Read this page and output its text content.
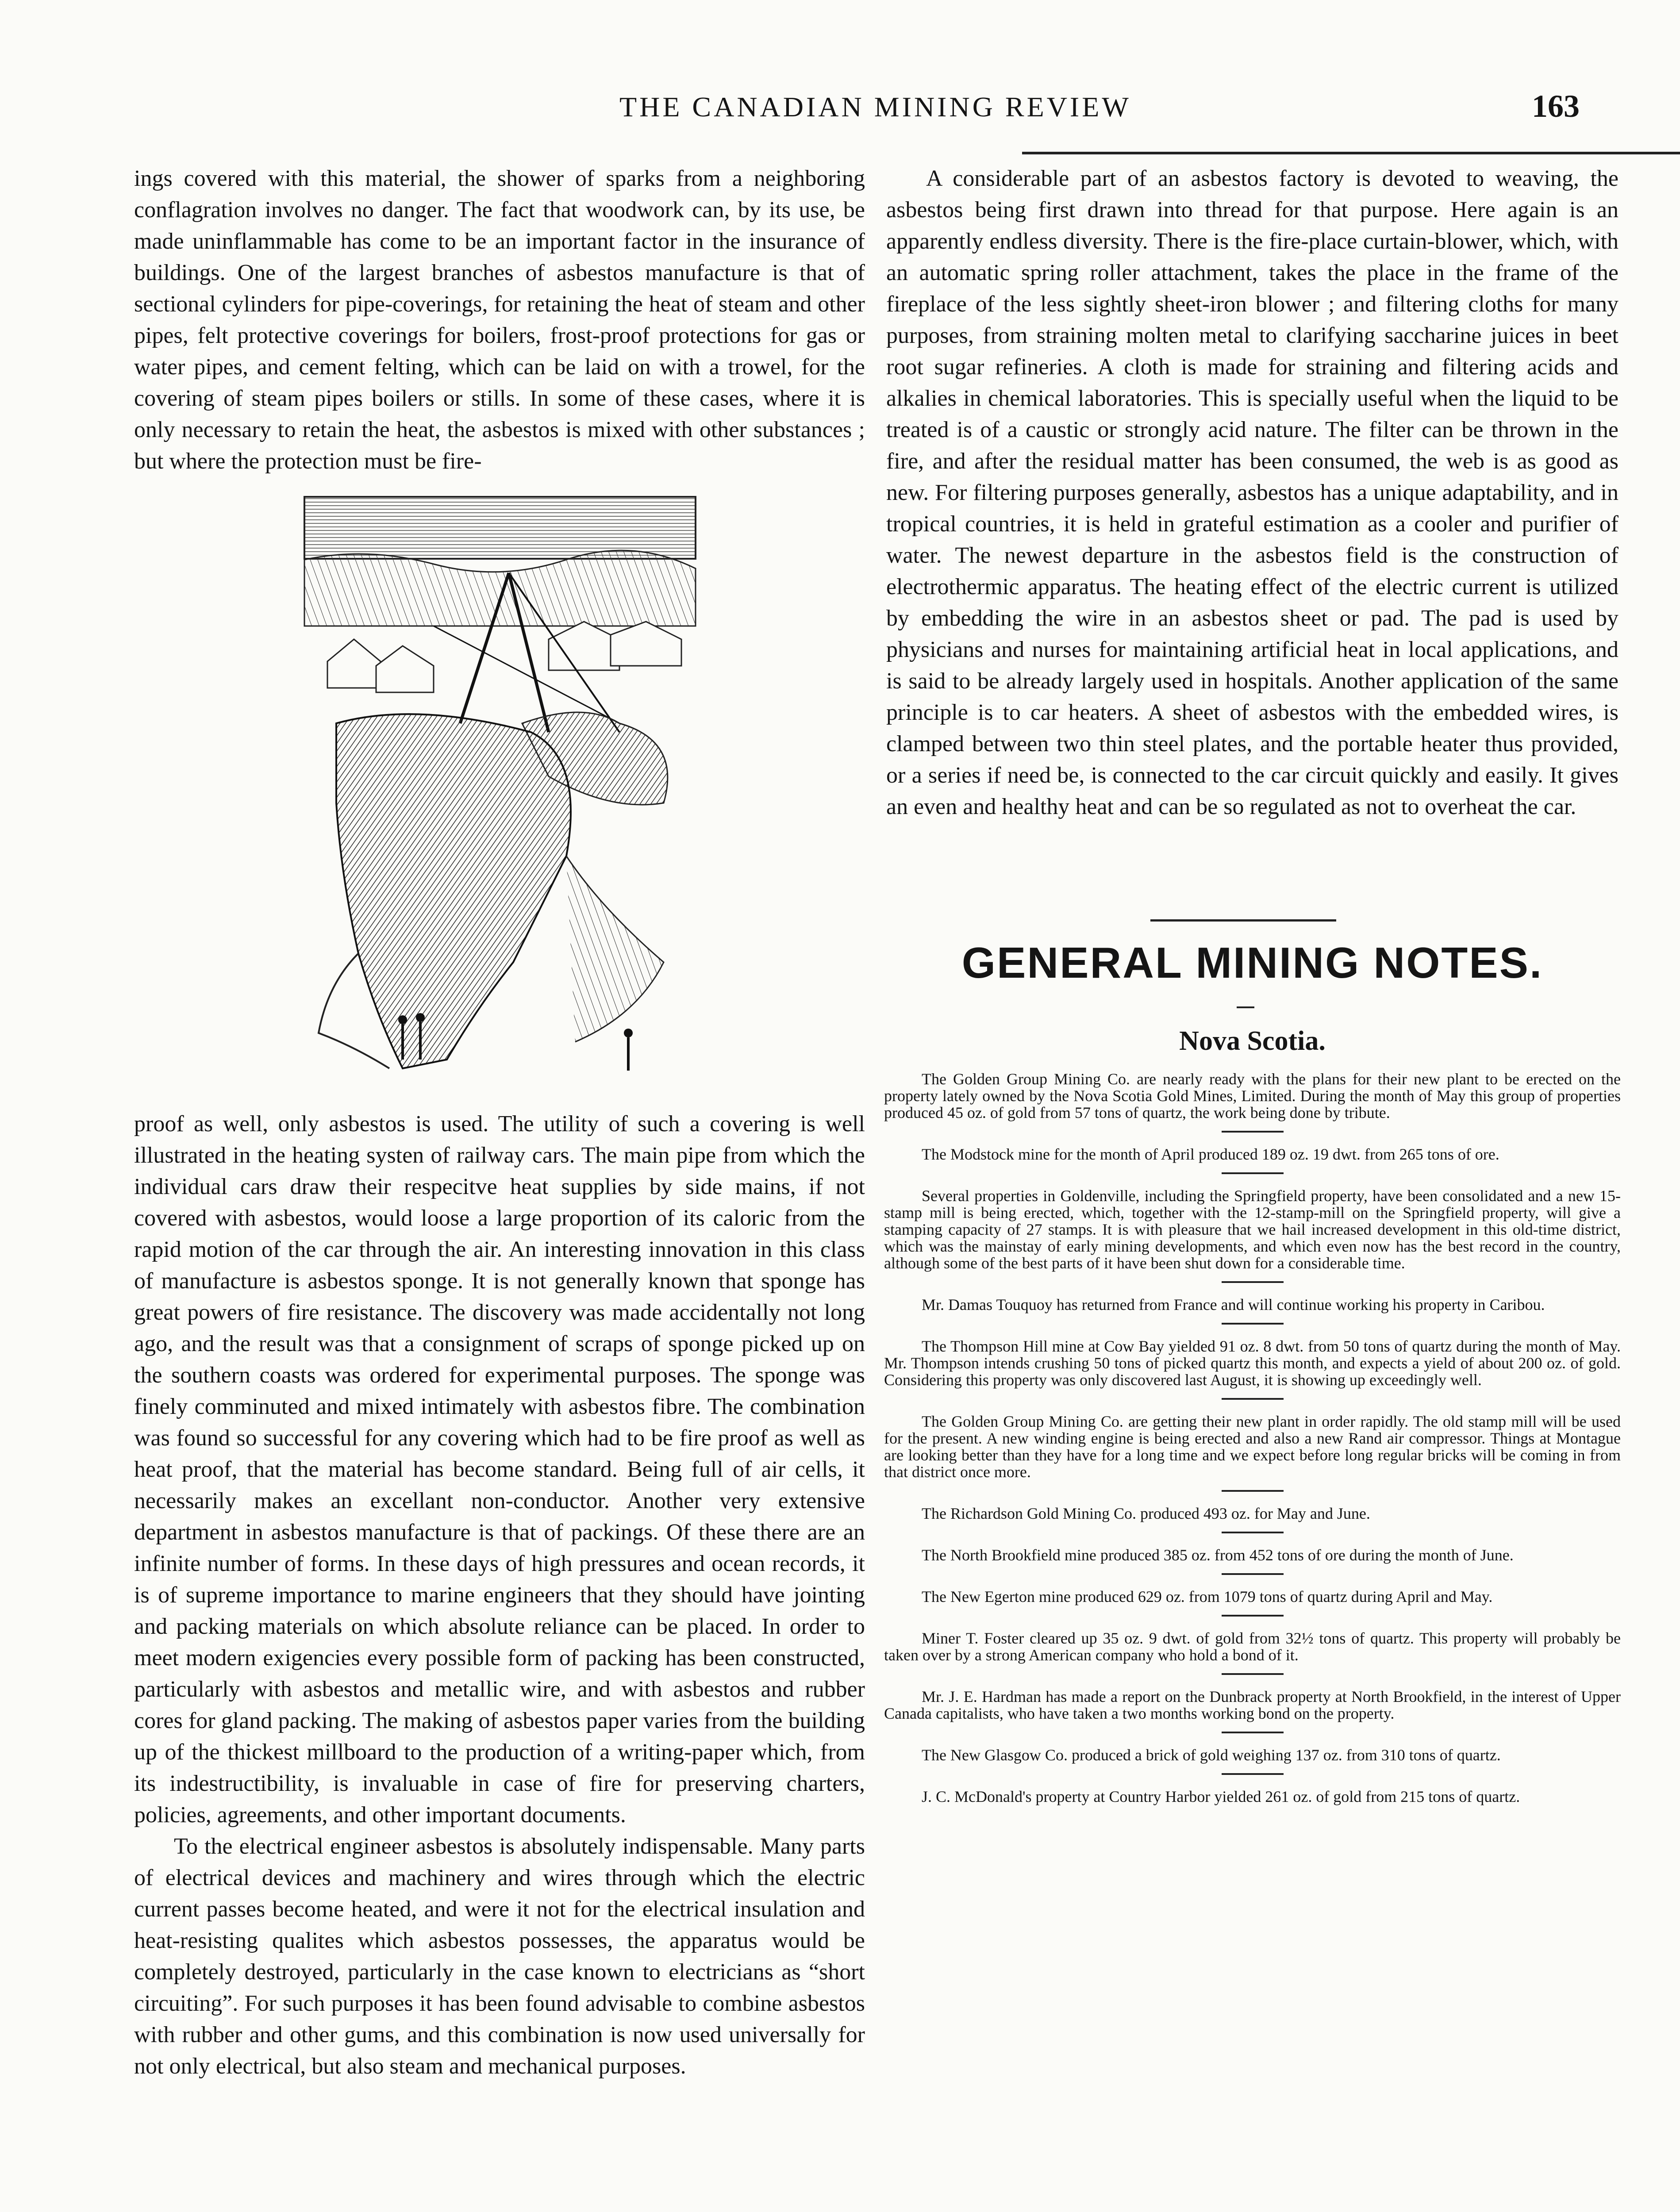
THE CANADIAN MINING REVIEW	163

ings covered with this material, the shower of sparks from a neighboring conflagration involves no danger. The fact that woodwork can, by its use, be made uninflammable has come to be an important factor in the insurance of buildings. One of the largest branches of asbestos manufacture is that of sectional cylinders for pipe-coverings, for retaining the heat of steam and other pipes, felt protective coverings for boilers, frost-proof protections for gas or water pipes, and cement felting, which can be laid on with a trowel, for the covering of steam pipes boilers or stills. In some of these cases, where it is only necessary to retain the heat, the asbestos is mixed with other substances ; but where the protection must be fire-

proof as well, only asbestos is used. The utility of such a covering is well illustrated in the heating systen of railway cars. The main pipe from which the individual cars draw their respecitve heat supplies by side mains, if not covered with asbestos, would loose a large proportion of its caloric from the rapid motion of the car through the air. An interesting innovation in this class of manufacture is asbestos sponge. It is not generally known that sponge has great powers of fire resistance. The discovery was made accidentally not long ago, and the result was that a consignment of scraps of sponge picked up on the southern coasts was ordered for experimental purposes. The sponge was finely comminuted and mixed intimately with asbestos fibre. The combination was found so successful for any covering which had to be fire proof as well as heat proof, that the material has become standard. Being full of air cells, it necessarily makes an excellant non-conductor. Another very extensive department in asbestos manufacture is that of packings. Of these there are an infinite number of forms. In these days of high pressures and ocean records, it is of supreme importance to marine engineers that they should have jointing and packing materials on which absolute reliance can be placed. In order to meet modern exigencies every possible form of packing has been constructed, particularly with asbestos and metallic wire, and with asbestos and rubber cores for gland packing. The making of asbestos paper varies from the building up of the thickest millboard to the production of a writing-paper which, from its indestructibility, is invaluable in case of fire for preserving charters, policies, agreements, and other important documents.

To the electrical engineer asbestos is absolutely indispensable. Many parts of electrical devices and machinery and wires through which the electric current passes become heated, and were it not for the electrical insulation and heat-resisting qualites which asbestos possesses, the apparatus would be completely destroyed, particularly in the case known to electricians as “short circuiting”. For such purposes it has been found advisable to combine asbestos with rubber and other gums, and this combination is now used universally for not only electrical, but also steam and mechanical purposes.

A considerable part of an asbestos factory is devoted to weaving, the asbestos being first drawn into thread for that purpose. Here again is an apparently endless diversity. There is the fire-place curtain-blower, which, with an automatic spring roller attachment, takes the place in the frame of the fireplace of the less sightly sheet-iron blower ; and filtering cloths for many purposes, from straining molten metal to clarifying saccharine juices in beet root sugar refineries. A cloth is made for straining and filtering acids and alkalies in chemical laboratories. This is specially useful when the liquid to be treated is of a caustic or strongly acid nature. The filter can be thrown in the fire, and after the residual matter has been consumed, the web is as good as new. For filtering purposes generally, asbestos has a unique adaptability, and in tropical countries, it is held in grateful estimation as a cooler and purifier of water. The newest departure in the asbestos field is the construction of electrothermic apparatus. The heating effect of the electric current is utilized by embedding the wire in an asbestos sheet or pad. The pad is used by physicians and nurses for maintaining artificial heat in local applications, and is said to be already largely used in hospitals. Another application of the same principle is to car heaters. A sheet of asbestos with the embedded wires, is clamped between two thin steel plates, and the portable heater thus provided, or a series if need be, is connected to the car circuit quickly and easily. It gives an even and healthy heat and can be so regulated as not to overheat the car.

GENERAL MINING NOTES.
Nova Scotia.

The Golden Group Mining Co. are nearly ready with the plans for their new plant to be erected on the property lately owned by the Nova Scotia Gold Mines, Limited. During the month of May this group of properties produced 45 oz. of gold from 57 tons of quartz, the work being done by tribute.

The Modstock mine for the month of April produced 189 oz. 19 dwt. from 265 tons of ore.

Several properties in Goldenville, including the Springfield property, have been consolidated and a new 15-stamp mill is being erected, which, together with the 12-stamp-mill on the Springfield property, will give a stamping capacity of 27 stamps. It is with pleasure that we hail increased development in this old-time district, which was the mainstay of early mining developments, and which even now has the best record in the country, although some of the best parts of it have been shut down for a considerable time.

Mr. Damas Touquoy has returned from France and will continue working his property in Caribou.

The Thompson Hill mine at Cow Bay yielded 91 oz. 8 dwt. from 50 tons of quartz during the month of May. Mr. Thompson intends crushing 50 tons of picked quartz this month, and expects a yield of about 200 oz. of gold. Considering this property was only discovered last August, it is showing up exceedingly well.

The Golden Group Mining Co. are getting their new plant in order rapidly. The old stamp mill will be used for the present. A new winding engine is being erected and also a new Rand air compressor. Things at Montague are looking better than they have for a long time and we expect before long regular bricks will be coming in from that district once more.

The Richardson Gold Mining Co. produced 493 oz. for May and June.

The North Brookfield mine produced 385 oz. from 452 tons of ore during the month of June.

The New Egerton mine produced 629 oz. from 1079 tons of quartz during April and May.

Miner T. Foster cleared up 35 oz. 9 dwt. of gold from 32½ tons of quartz. This property will probably be taken over by a strong American company who hold a bond of it.

Mr. J. E. Hardman has made a report on the Dunbrack property at North Brookfield, in the interest of Upper Canada capitalists, who have taken a two months working bond on the property.

The New Glasgow Co. produced a brick of gold weighing 137 oz. from 310 tons of quartz.

J. C. McDonald's property at Country Harbor yielded 261 oz. of gold from 215 tons of quartz.
